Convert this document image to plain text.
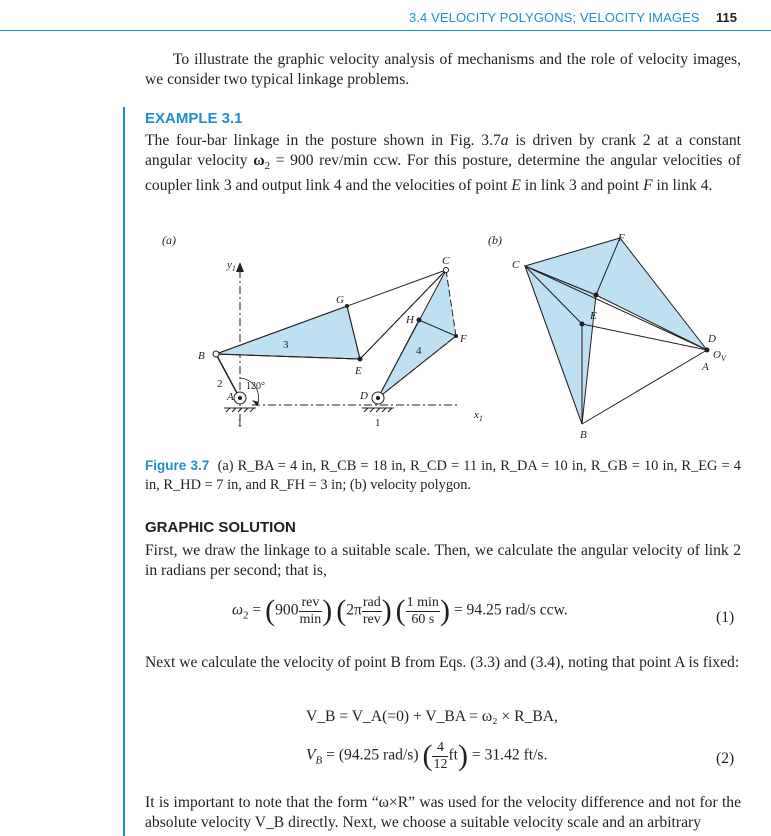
3.4 VELOCITY POLYGONS; VELOCITY IMAGES 115
To illustrate the graphic velocity analysis of mechanisms and the role of velocity images, we consider two typical linkage problems.
EXAMPLE 3.1
The four-bar linkage in the posture shown in Fig. 3.7a is driven by crank 2 at a constant angular velocity $\omega_2 = 900$ rev/min ccw. For this posture, determine the angular velocities of coupler link 3 and output link 4 and the velocities of point E in link 3 and point F in link 4.
(a)
$y_1$
$x_1$
120°
B
G
C
H
F
E
D
A
2
3	4
1	1
(b)	F
C
E
D
$O_V$
A
B
Figure 3.7 (a) R_BA = 4 in, R_CB = 18 in, R_CD = 11 in, R_DA = 10 in, R_GB = 10 in, R_EG = 4 in, R_HD = 7 in, and R_FH = 3 in; (b) velocity polygon.
GRAPHIC SOLUTION
First, we draw the linkage to a suitable scale. Then, we calculate the angular velocity of link 2 in radians per second; that is,
$\omega_2 = (900 \frac{\text{rev}}{\min}$ ) ($2\pi \frac{\text{rad}}{\text{rev}}$ ) ( $\frac{1 \min}{60 s}$ ) = 94.25 rad/s ccw.	(1)
Next we calculate the velocity of point B from Eqs. (3.3) and (3.4), noting that point A is fixed:
V_B = V_A(=0) + V_BA = ω₂ × R_BA,
$V_B = (94.25$ rad/s) ( $\frac{4}{12} ft) = 31.42$ ft/s.	(2)
It is important to note that the form “ω×R” was used for the velocity difference and not for the absolute velocity V_B directly. Next, we choose a suitable velocity scale and an arbitrary
